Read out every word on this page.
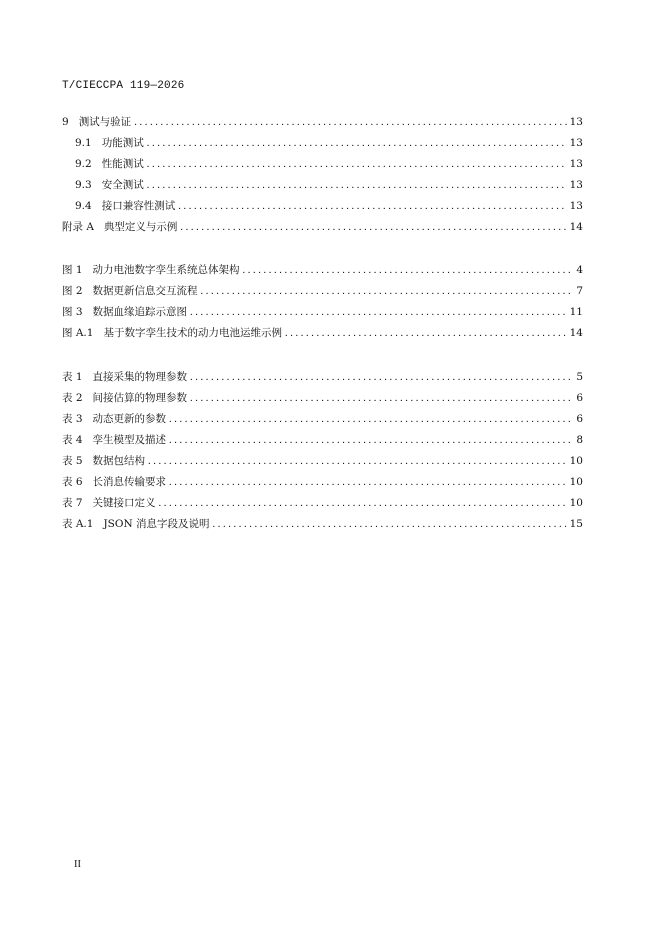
T/CIECCPA 119—2026
9 测试与验证 . . .	13
9.1 功能测试 . . .	13
9.2 性能测试 . . .	13
9.3 安全测试 . . .	13
9.4 接口兼容性测试 . . .	13
附录 A 典型定义与示例 . . .	14
图 1 动力电池数字孪生系统总体架构 . . .	4
图 2 数据更新信息交互流程 . . .	7
图 3 数据血缘追踪示意图 . . .	11
图 A.1 基于数字孪生技术的动力电池运维示例 . . .	14
表 1 直接采集的物理参数 . . .	5
表 2 间接估算的物理参数 . . .	6
表 3 动态更新的参数 . . .	6
表 4 孪生模型及描述 . . .	8
表 5 数据包结构 . . .	10
表 6 长消息传输要求 . . .	10
表 7 关键接口定义 . . .	10
表 A.1 JSON 消息字段及说明 . . .	15
II
